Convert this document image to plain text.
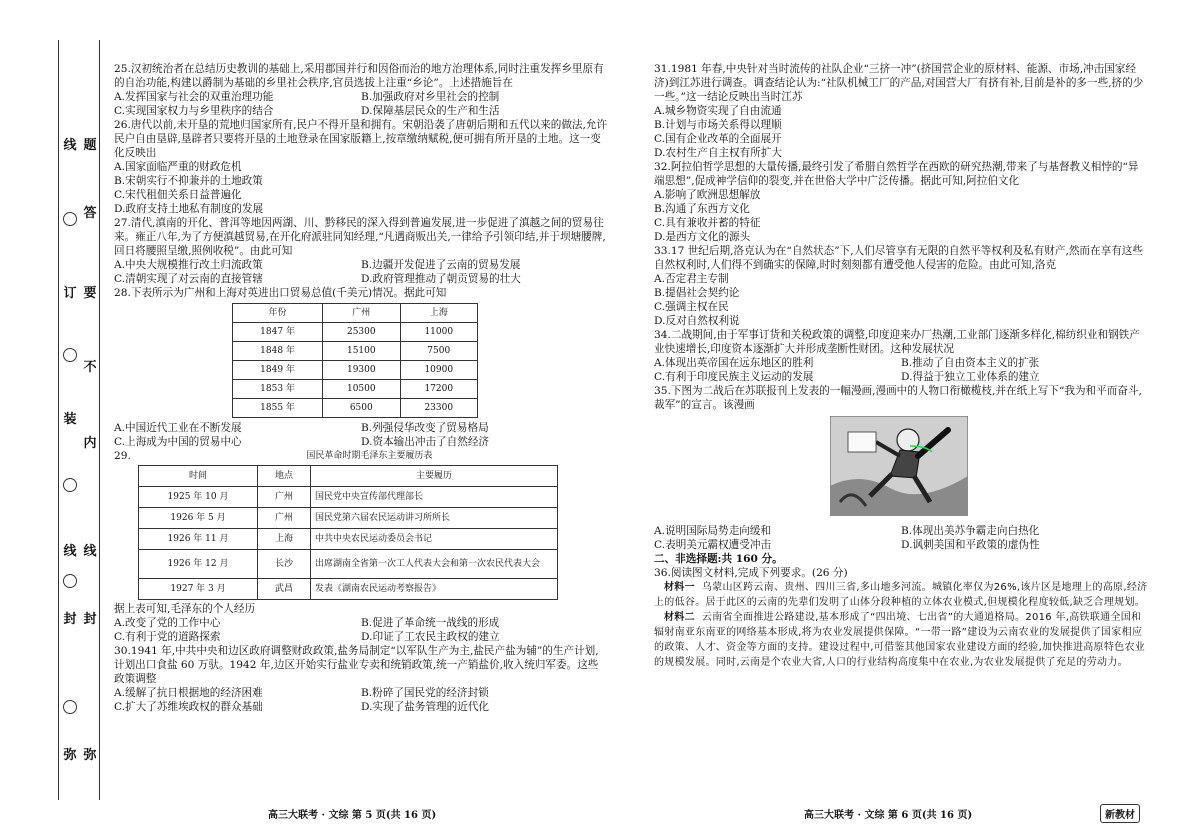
弥
封
线
装
订
线
弥
封
线
内
不
要
答
题

25.汉初统治者在总结历史教训的基础上,采用郡国并行和因俗而治的地方治理体系,同时注重发挥乡里原有的自治功能,构建以爵制为基础的乡里社会秩序,官员选拔上注重“乡论”。上述措施旨在

A.发挥国家与社会的双重治理功能	B.加强政府对乡里社会的控制
C.实现国家权力与乡里秩序的结合	D.保障基层民众的生产和生活

26.唐代以前,未开垦的荒地归国家所有,民户不得开垦和拥有。宋朝沿袭了唐朝后期和五代以来的做法,允许民户自由垦辟,垦辟者只要将开垦的土地登录在国家版籍上,按章缴纳赋税,便可拥有所开垦的土地。这一变化反映出

A.国家面临严重的财政危机
B.宋朝实行不抑兼并的土地政策
C.宋代租佃关系日益普遍化
D.政府支持土地私有制度的发展

27.清代,滇南的开化、普洱等地因两湖、川、黔移民的深入得到普遍发展,进一步促进了滇越之间的贸易往来。雍正八年,为了方便滇越贸易,在开化府派驻同知经理,“凡遇商贩出关,一律给予引领印结,并于坝塘腰牌,回日将腰照呈缴,照例收税”。由此可知

A.中央大规模推行改土归流政策	B.边疆开发促进了云南的贸易发展
C.清朝实现了对云南的直接管辖	D.政府管理推动了朝贡贸易的壮大

28.下表所示为广州和上海对英进出口贸易总值(千美元)情况。据此可知

年份	广州	上海
1847 年	25300	11000
1848 年	15100	7500
1849 年	19300	10900
1853 年	10500	17200
1855 年	6500	23300
A.中国近代工业在不断发展	B.列强侵华改变了贸易格局
C.上海成为中国的贸易中心	D.资本输出冲击了自然经济
29.	国民革命时期毛泽东主要履历表
时间	地点	主要履历
1925 年 10 月	广州	国民党中央宣传部代理部长
1926 年 5 月	广州	国民党第六届农民运动讲习所所长
1926 年 11 月	上海	中共中央农民运动委员会书记
1926 年 12 月	长沙	出席湖南全省第一次工人代表大会和第一次农民代表大会
1927 年 3 月	武昌	发表《湖南农民运动考察报告》

据上表可知,毛泽东的个人经历

A.改变了党的工作中心	B.促进了革命统一战线的形成
C.有利于党的道路探索	D.印证了工农民主政权的建立

30.1941 年,中共中央和边区政府调整财政政策,盐务局制定“以军队生产为主,盐民产盐为辅”的生产计划,计划出口食盐 60 万驮。1942 年,边区开始实行盐业专卖和统销政策,统一产销盐价,收入统归军委。这些政策调整

A.缓解了抗日根据地的经济困难	B.粉碎了国民党的经济封锁
C.扩大了苏维埃政权的群众基础	D.实现了盐务管理的近代化
高三大联考 · 文综 第 5 页(共 16 页)

31.1981 年春,中央针对当时流传的社队企业“三挤一冲”(挤国营企业的原材料、能源、市场,冲击国家经济)到江苏进行调查。调查结论认为:“社队机械工厂的产品,对国营大厂有挤有补,目前是补的多一些,挤的少一些。”这一结论反映出当时江苏

A.城乡物资实现了自由流通
B.计划与市场关系得以理顺
C.国有企业改革的全面展开
D.农村生产自主权有所扩大

32.阿拉伯哲学思想的大量传播,最终引发了希腊自然哲学在西欧的研究热潮,带来了与基督教义相悖的“异端思想”,促成神学信仰的裂变,并在世俗大学中广泛传播。据此可知,阿拉伯文化

A.影响了欧洲思想解放
B.沟通了东西方文化
C.具有兼收并蓄的特征
D.是西方文化的源头

33.17 世纪后期,洛克认为在“自然状态”下,人们尽管享有无限的自然平等权利及私有财产,然而在享有这些自然权利时,人们得不到确实的保障,时时刻刻都有遭受他人侵害的危险。由此可知,洛克

A.否定君主专制
B.提倡社会契约论
C.强调主权在民
D.反对自然权利说

34.二战期间,由于军事订货和关税政策的调整,印度迎来办厂热潮,工业部门逐渐多样化,棉纺织业和钢铁产业快速增长,印度资本逐渐扩大并形成垄断性财团。这种发展状况

A.体现出英帝国在远东地区的胜利	B.推动了自由资本主义的扩张
C.有利于印度民族主义运动的发展	D.得益于独立工业体系的建立

35.下图为二战后在苏联报刊上发表的一幅漫画,漫画中的人物口衔橄榄枝,并在纸上写下“我为和平而奋斗,裁军”的宣言。该漫画

A.说明国际局势走向缓和	B.体现出美苏争霸走向白热化
C.表明美元霸权遭受冲击	D.讽刺美国和平政策的虚伪性

二、非选择题:共 160 分。

36.阅读图文材料,完成下列要求。(26 分)

材料一 乌蒙山区跨云南、贵州、四川三省,多山地多河流。城镇化率仅为26%,该片区是地理上的高原,经济上的低谷。居于此区的云南的先辈们发明了山体分段种植的立体农业模式,但规模化程度较低,缺乏合理规划。

材料二 云南省全面推进公路建设,基本形成了“四出境、七出省”的大通道格局。2016 年,高铁联通全国和辐射南亚东南亚的网络基本形成,将为农业发展提供保障。“一带一路”建设为云南农业的发展提供了国家相应的政策、人才、资金等方面的支持。建设过程中,可借鉴其他国家农业建设方面的经验,加快推进高原特色农业的规模发展。同时,云南是个农业大省,人口的行业结构高度集中在农业,为农业发展提供了充足的劳动力。

高三大联考 · 文综 第 6 页(共 16 页)	新教材
